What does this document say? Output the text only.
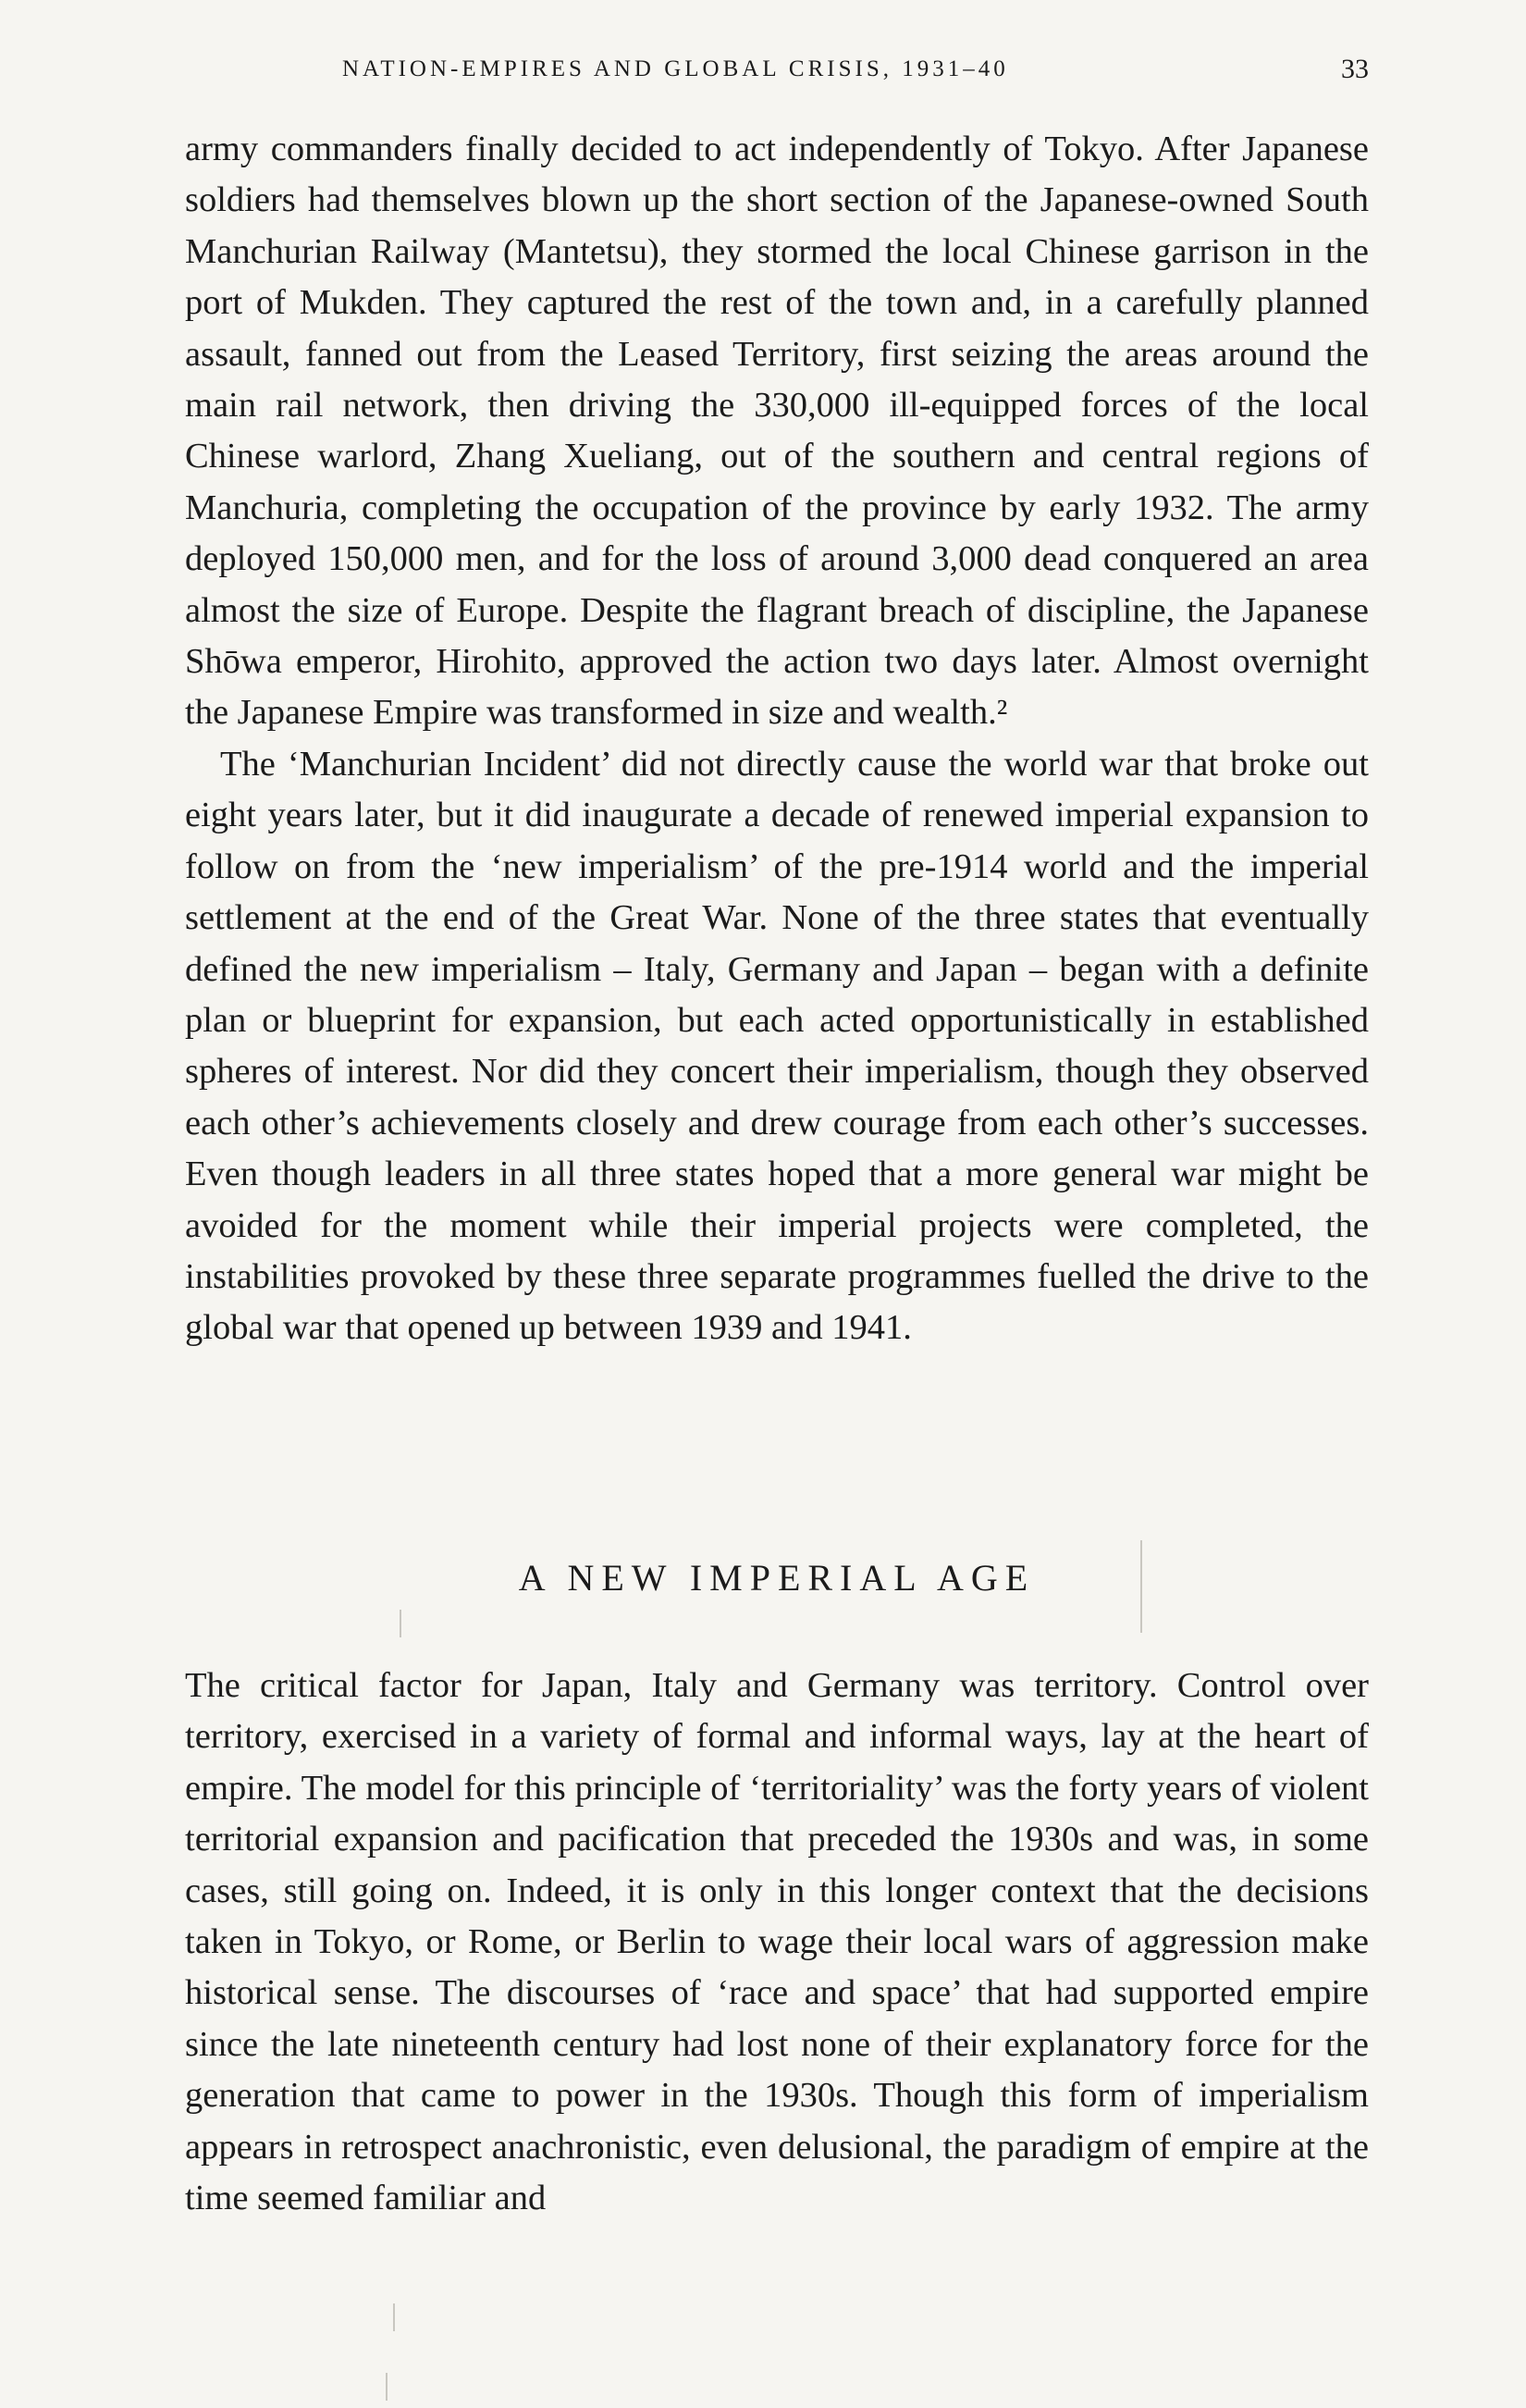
NATION-EMPIRES AND GLOBAL CRISIS, 1931–40	33

army commanders finally decided to act independently of Tokyo. After Japanese soldiers had themselves blown up the short section of the Japanese-owned South Manchurian Railway (Mantetsu), they stormed the local Chinese garrison in the port of Mukden. They captured the rest of the town and, in a carefully planned assault, fanned out from the Leased Territory, first seizing the areas around the main rail network, then driving the 330,000 ill-equipped forces of the local Chinese warlord, Zhang Xueliang, out of the southern and central regions of Manchuria, completing the occupation of the province by early 1932. The army deployed 150,000 men, and for the loss of around 3,000 dead conquered an area almost the size of Europe. Despite the flagrant breach of discipline, the Japanese Shōwa emperor, Hirohito, approved the action two days later. Almost overnight the Japanese Empire was transformed in size and wealth.²

The ‘Manchurian Incident’ did not directly cause the world war that broke out eight years later, but it did inaugurate a decade of renewed imperial expansion to follow on from the ‘new imperialism’ of the pre-1914 world and the imperial settlement at the end of the Great War. None of the three states that eventually defined the new imperialism – Italy, Germany and Japan – began with a definite plan or blueprint for expansion, but each acted opportunistically in established spheres of interest. Nor did they concert their imperialism, though they observed each other’s achievements closely and drew courage from each other’s successes. Even though leaders in all three states hoped that a more general war might be avoided for the moment while their imperial projects were completed, the instabilities provoked by these three separate programmes fuelled the drive to the global war that opened up between 1939 and 1941.

A NEW IMPERIAL AGE

The critical factor for Japan, Italy and Germany was territory. Control over territory, exercised in a variety of formal and informal ways, lay at the heart of empire. The model for this principle of ‘territoriality’ was the forty years of violent territorial expansion and pacification that preceded the 1930s and was, in some cases, still going on. Indeed, it is only in this longer context that the decisions taken in Tokyo, or Rome, or Berlin to wage their local wars of aggression make historical sense. The discourses of ‘race and space’ that had supported empire since the late nineteenth century had lost none of their explanatory force for the generation that came to power in the 1930s. Though this form of imperialism appears in retrospect anachronistic, even delusional, the paradigm of empire at the time seemed familiar and
